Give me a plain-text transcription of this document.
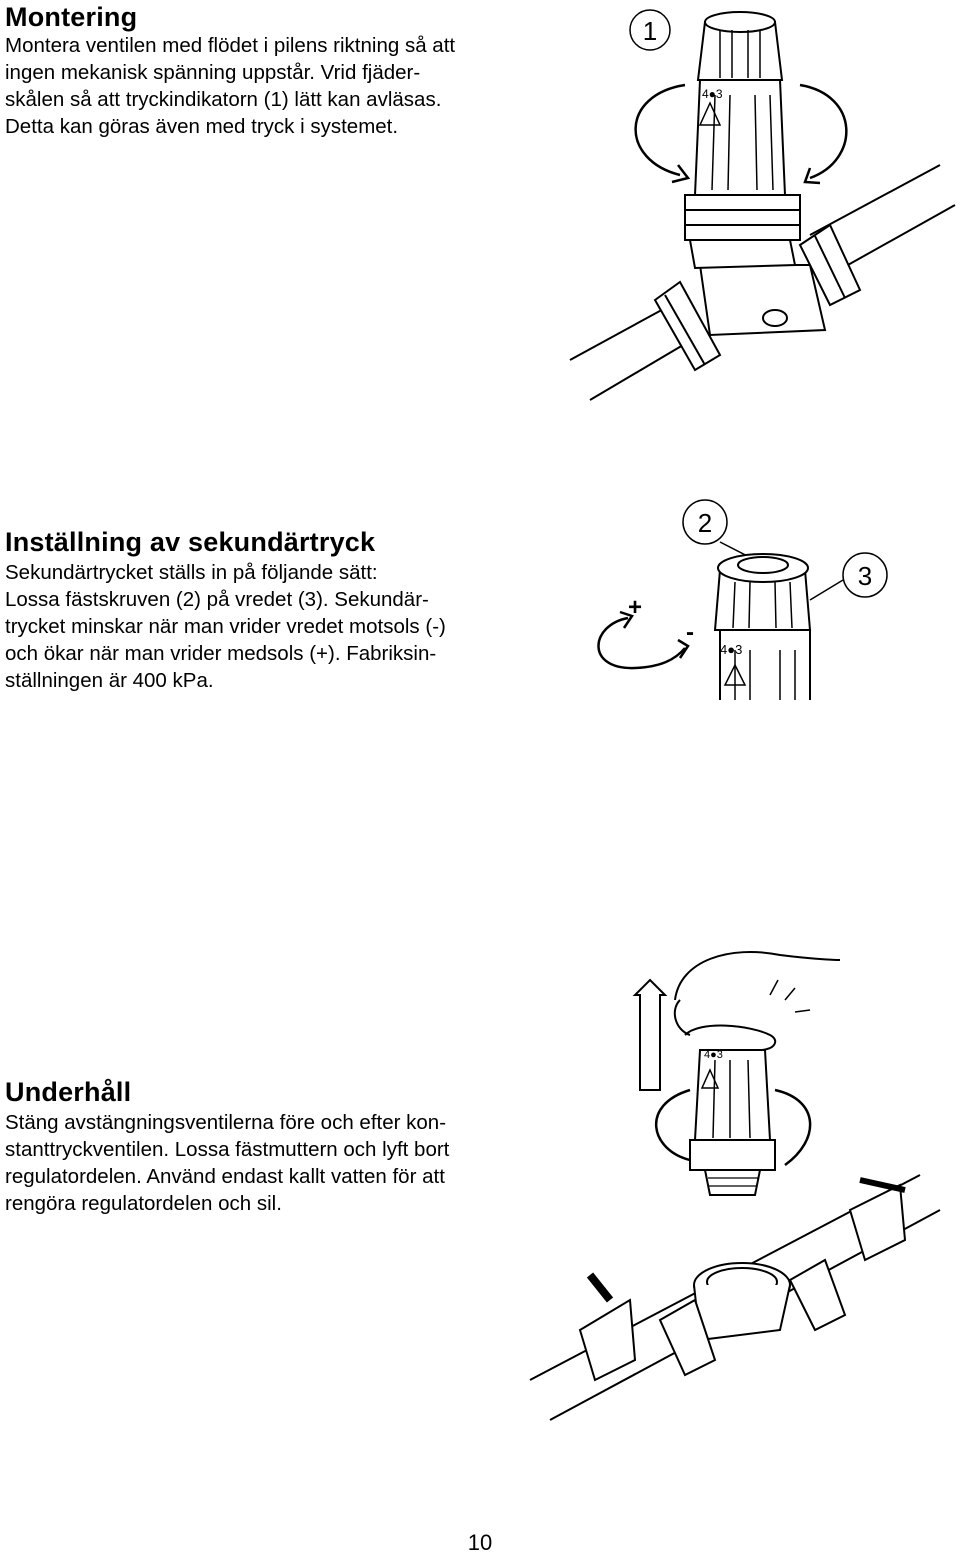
Montering

Montera ventilen med flödet i pilens riktning så att
ingen mekanisk spänning uppstår. Vrid fjäder-
skålen så att tryckindikatorn (1) lätt kan avläsas.
Detta kan göras även med tryck i systemet.

Inställning av sekundärtryck

Sekundärtrycket ställs in på följande sätt:
Lossa fästskruven (2) på vredet (3). Sekundär-
trycket minskar när man vrider vredet motsols (-)
och ökar när man vrider medsols (+). Fabriksin-
ställningen är 400 kPa.

Underhåll

Stäng avstängningsventilerna före och efter kon-
stanttryckventilen. Lossa fästmuttern och lyft bort
regulatordelen. Använd endast kallt vatten för att
rengöra regulatordelen och sil.

1
4●3
2
3
+
-
4●3
4●3
10
